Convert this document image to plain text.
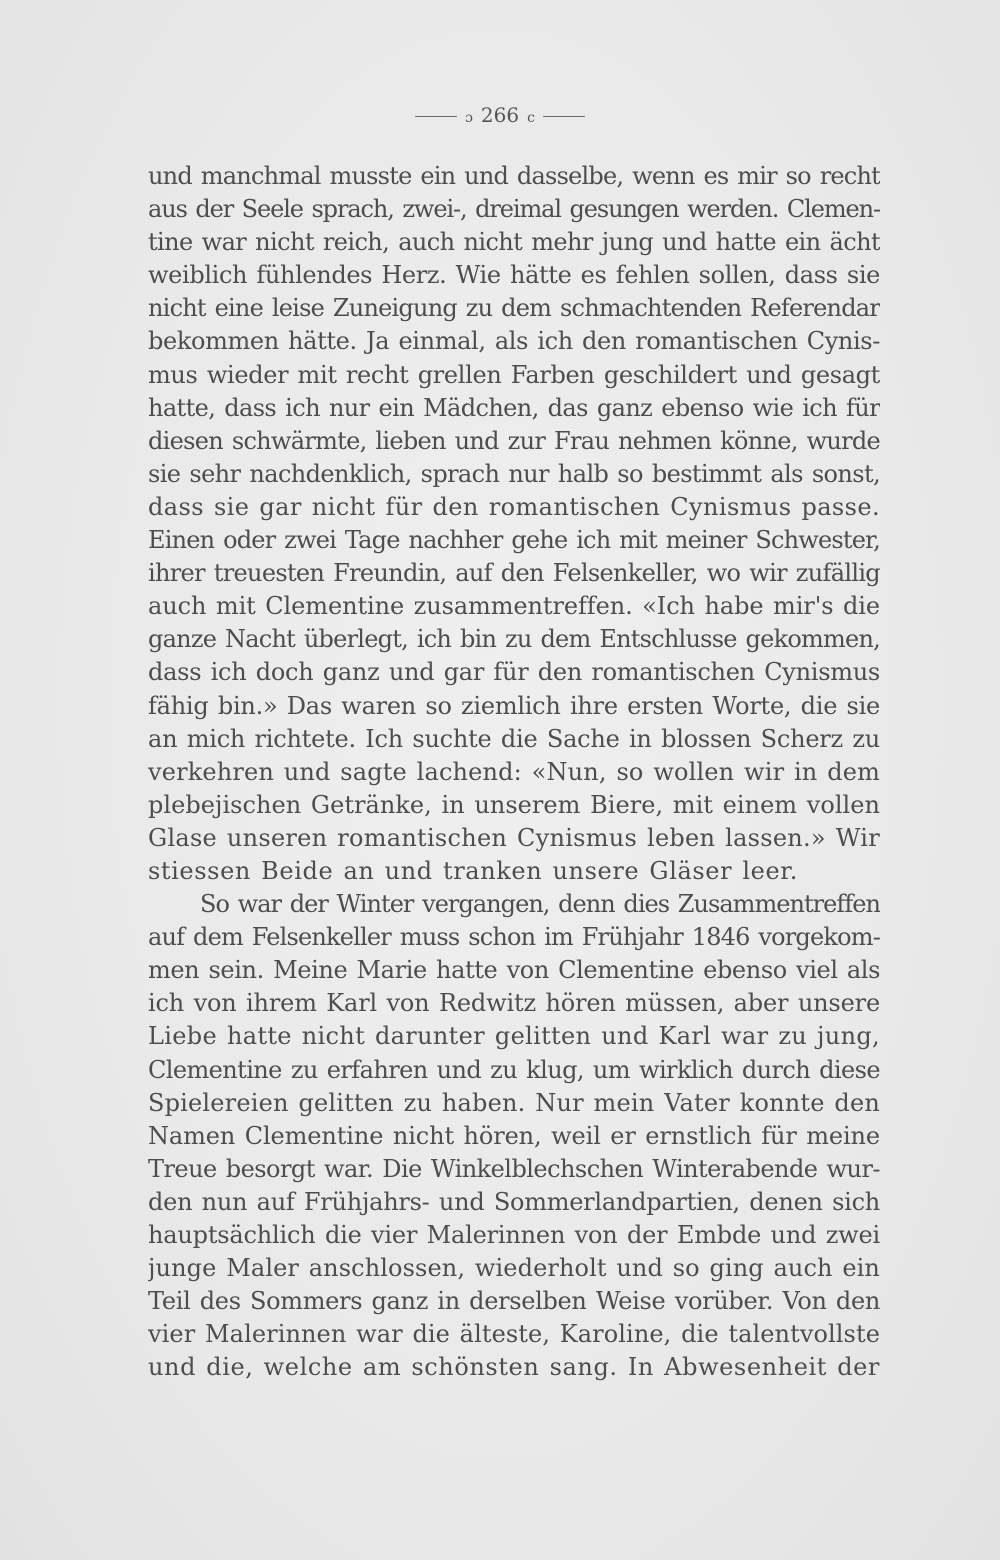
ɔ 266 c
und manchmal musste ein und dasselbe, wenn es mir so recht
aus der Seele sprach, zwei-, dreimal gesungen werden. Clemen-
tine war nicht reich, auch nicht mehr jung und hatte ein ächt
weiblich fühlendes Herz. Wie hätte es fehlen sollen, dass sie
nicht eine leise Zuneigung zu dem schmachtenden Referendar
bekommen hätte. Ja einmal, als ich den romantischen Cynis-
mus wieder mit recht grellen Farben geschildert und gesagt
hatte, dass ich nur ein Mädchen, das ganz ebenso wie ich für
diesen schwärmte, lieben und zur Frau nehmen könne, wurde
sie sehr nachdenklich, sprach nur halb so bestimmt als sonst,
dass sie gar nicht für den romantischen Cynismus passe.
Einen oder zwei Tage nachher gehe ich mit meiner Schwester,
ihrer treuesten Freundin, auf den Felsenkeller, wo wir zufällig
auch mit Clementine zusammentreffen. «Ich habe mir's die
ganze Nacht überlegt, ich bin zu dem Entschlusse gekommen,
dass ich doch ganz und gar für den romantischen Cynismus
fähig bin.» Das waren so ziemlich ihre ersten Worte, die sie
an mich richtete. Ich suchte die Sache in blossen Scherz zu
verkehren und sagte lachend: «Nun, so wollen wir in dem
plebejischen Getränke, in unserem Biere, mit einem vollen
Glase unseren romantischen Cynismus leben lassen.» Wir
stiessen Beide an und tranken unsere Gläser leer.
So war der Winter vergangen, denn dies Zusammentreffen
auf dem Felsenkeller muss schon im Frühjahr 1846 vorgekom-
men sein. Meine Marie hatte von Clementine ebenso viel als
ich von ihrem Karl von Redwitz hören müssen, aber unsere
Liebe hatte nicht darunter gelitten und Karl war zu jung,
Clementine zu erfahren und zu klug, um wirklich durch diese
Spielereien gelitten zu haben. Nur mein Vater konnte den
Namen Clementine nicht hören, weil er ernstlich für meine
Treue besorgt war. Die Winkelblechschen Winterabende wur-
den nun auf Frühjahrs- und Sommerlandpartien, denen sich
hauptsächlich die vier Malerinnen von der Embde und zwei
junge Maler anschlossen, wiederholt und so ging auch ein
Teil des Sommers ganz in derselben Weise vorüber. Von den
vier Malerinnen war die älteste, Karoline, die talentvollste
und die, welche am schönsten sang. In Abwesenheit der
